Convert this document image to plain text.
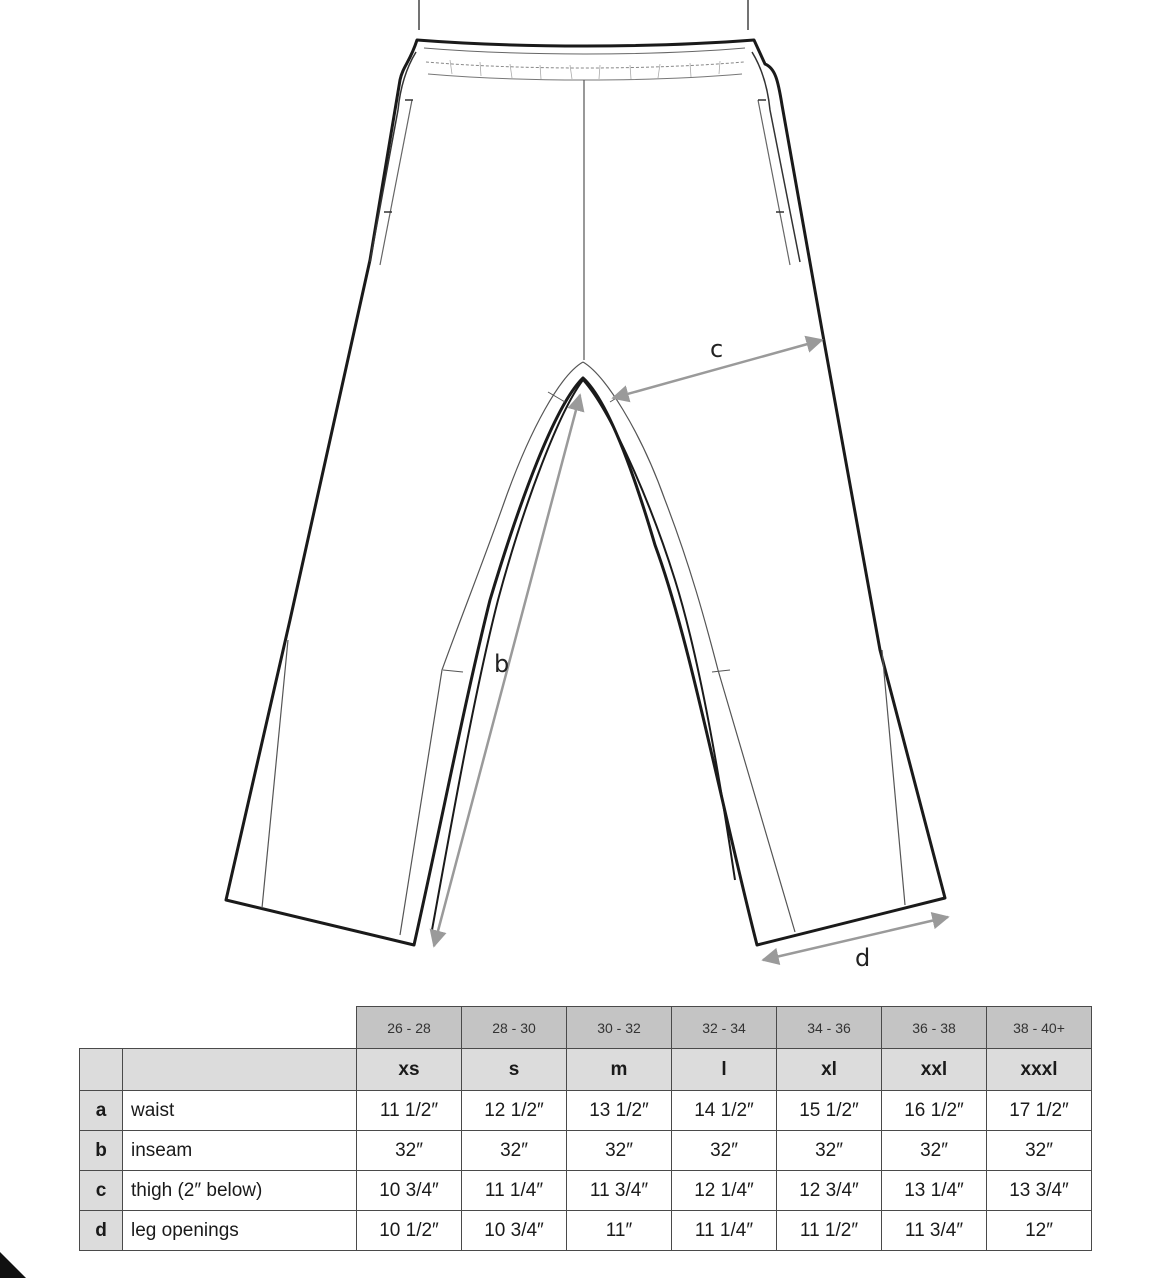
c
b
d
		26 - 28	28 - 30	30 - 32	32 - 34	34 - 36	36 - 38	38 - 40+
		xs	s	m	l	xl	xxl	xxxl
a	waist	11 1/2″	12 1/2″	13 1/2″	14 1/2″	15 1/2″	16 1/2″	17 1/2″
b	inseam	32″	32″	32″	32″	32″	32″	32″
c	thigh (2″ below)	10 3/4″	11 1/4″	11 3/4″	12 1/4″	12 3/4″	13 1/4″	13 3/4″
d	leg openings	10 1/2″	10 3/4″	11″	11 1/4″	11 1/2″	11 3/4″	12″
